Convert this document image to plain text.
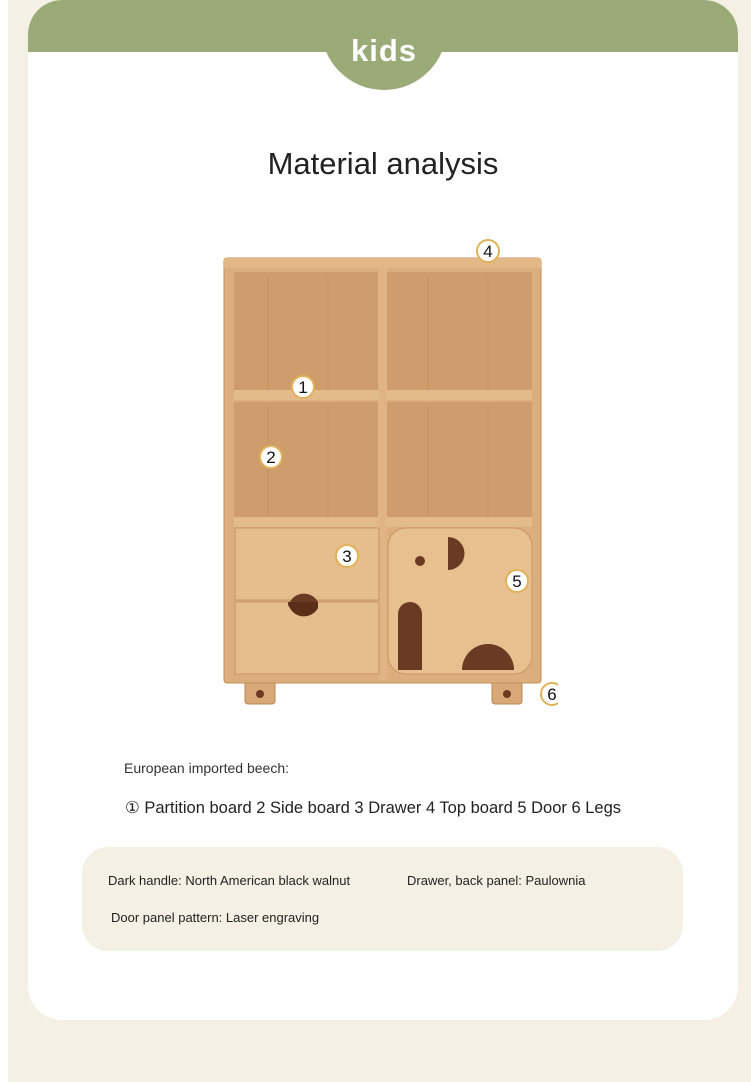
kids
Material analysis
1
2
3
4
5
6
European imported beech:
① Partition board 2 Side board 3 Drawer 4 Top board 5 Door 6 Legs
Dark handle: North American black walnut	Drawer, back panel: Paulownia
Door panel pattern: Laser engraving
